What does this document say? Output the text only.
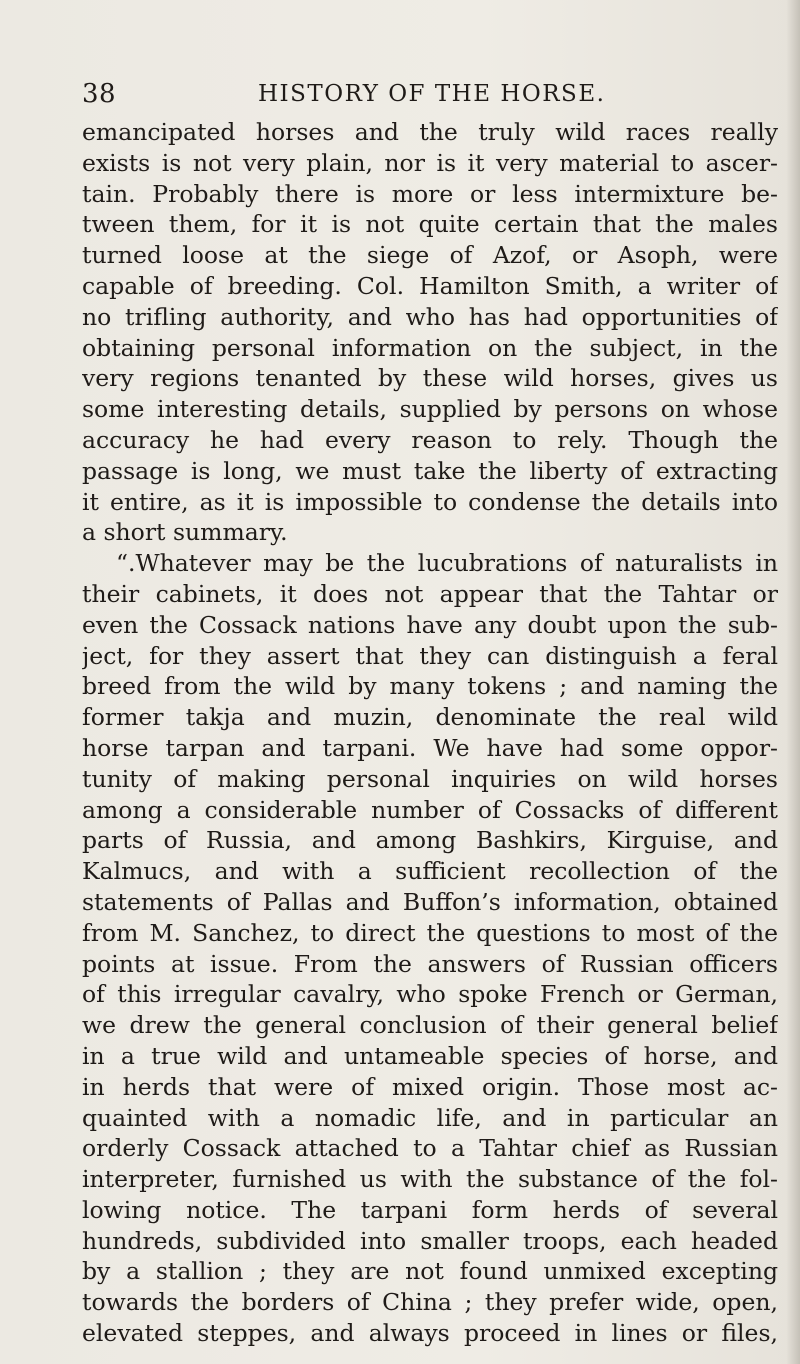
38	HISTORY OF THE HORSE.
emancipated horses and the truly wild races really
exists is not very plain, nor is it very material to ascer-
tain. Probably there is more or less intermixture be-
tween them, for it is not quite certain that the males
turned loose at the siege of Azof, or Asoph, were
capable of breeding. Col. Hamilton Smith, a writer of
no trifling authority, and who has had opportunities of
obtaining personal information on the subject, in the
very regions tenanted by these wild horses, gives us
some interesting details, supplied by persons on whose
accuracy he had every reason to rely. Though the
passage is long, we must take the liberty of extracting
it entire, as it is impossible to condense the details into
a short summary.
“.Whatever may be the lucubrations of naturalists in
their cabinets, it does not appear that the Tahtar or
even the Cossack nations have any doubt upon the sub-
ject, for they assert that they can distinguish a feral
breed from the wild by many tokens ; and naming the
former takja and muzin, denominate the real wild
horse tarpan and tarpani. We have had some oppor-
tunity of making personal inquiries on wild horses
among a considerable number of Cossacks of different
parts of Russia, and among Bashkirs, Kirguise, and
Kalmucs, and with a sufficient recollection of the
statements of Pallas and Buffon’s information, obtained
from M. Sanchez, to direct the questions to most of the
points at issue. From the answers of Russian officers
of this irregular cavalry, who spoke French or German,
we drew the general conclusion of their general belief
in a true wild and untameable species of horse, and
in herds that were of mixed origin. Those most ac-
quainted with a nomadic life, and in particular an
orderly Cossack attached to a Tahtar chief as Russian
interpreter, furnished us with the substance of the fol-
lowing notice. The tarpani form herds of several
hundreds, subdivided into smaller troops, each headed
by a stallion ; they are not found unmixed excepting
towards the borders of China ; they prefer wide, open,
elevated steppes, and always proceed in lines or files,
